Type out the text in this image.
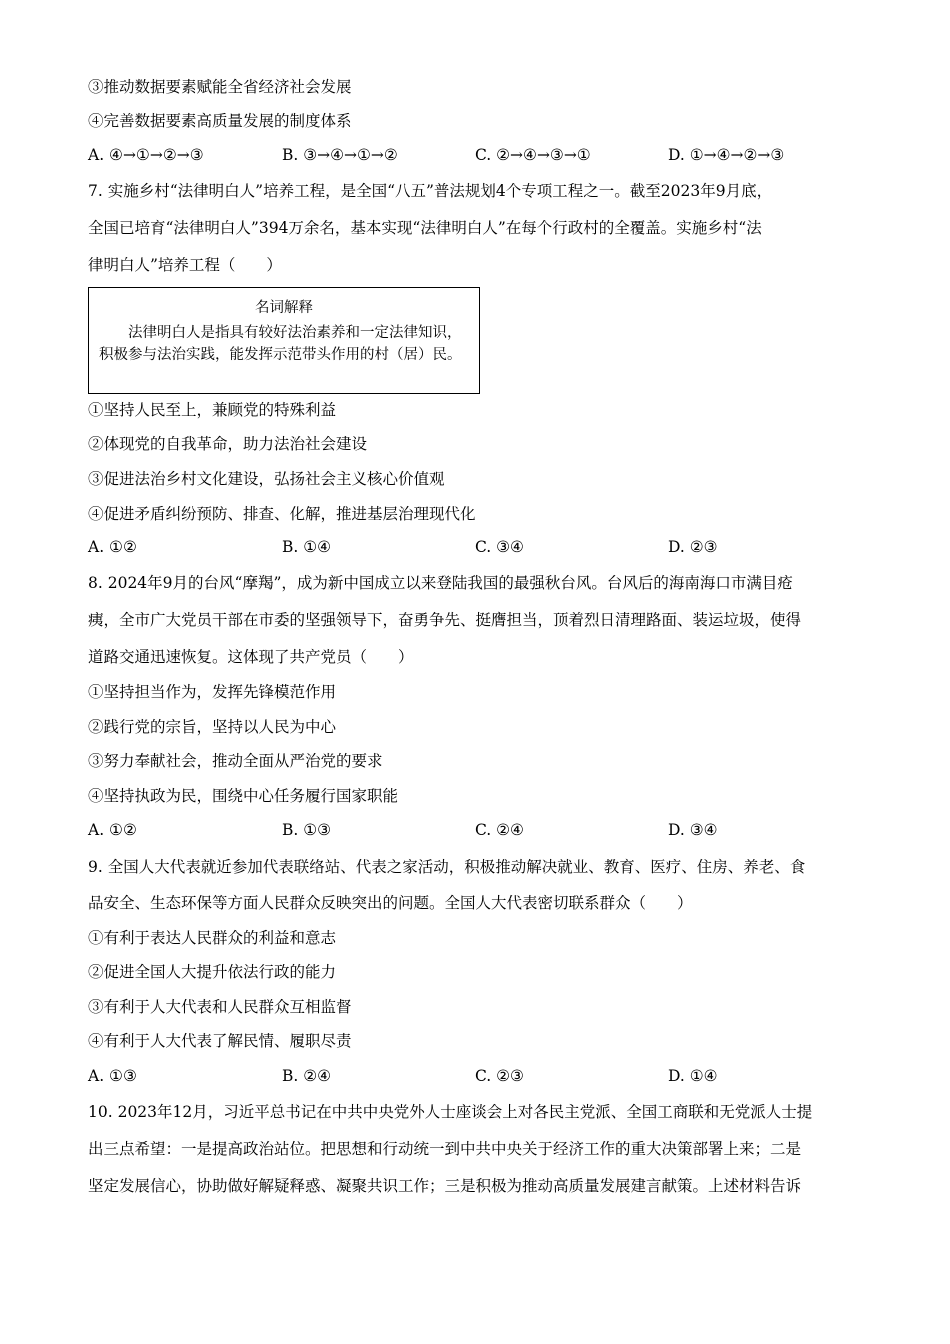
③推动数据要素赋能全省经济社会发展
④完善数据要素高质量发展的制度体系
A. ④→①→②→③	B. ③→④→①→②	C. ②→④→③→①	D. ①→④→②→③
7. 实施乡村“法律明白人”培养工程，是全国“八五”普法规划4个专项工程之一。截至2023年9月底，
全国已培育“法律明白人”394万余名，基本实现“法律明白人”在每个行政村的全覆盖。实施乡村“法
律明白人”培养工程（　　）
名词解释
法律明白人是指具有较好法治素养和一定法律知识，积极参与法治实践，能发挥示范带头作用的村（居）民。
①坚持人民至上，兼顾党的特殊利益
②体现党的自我革命，助力法治社会建设
③促进法治乡村文化建设，弘扬社会主义核心价值观
④促进矛盾纠纷预防、排查、化解，推进基层治理现代化
A. ①②	B. ①④	C. ③④	D. ②③
8. 2024年9月的台风“摩羯”，成为新中国成立以来登陆我国的最强秋台风。台风后的海南海口市满目疮
痍，全市广大党员干部在市委的坚强领导下，奋勇争先、挺膺担当，顶着烈日清理路面、装运垃圾，使得
道路交通迅速恢复。这体现了共产党员（　　）
①坚持担当作为，发挥先锋模范作用
②践行党的宗旨，坚持以人民为中心
③努力奉献社会，推动全面从严治党的要求
④坚持执政为民，围绕中心任务履行国家职能
A. ①②	B. ①③	C. ②④	D. ③④
9. 全国人大代表就近参加代表联络站、代表之家活动，积极推动解决就业、教育、医疗、住房、养老、食
品安全、生态环保等方面人民群众反映突出的问题。全国人大代表密切联系群众（　　）
①有利于表达人民群众的利益和意志
②促进全国人大提升依法行政的能力
③有利于人大代表和人民群众互相监督
④有利于人大代表了解民情、履职尽责
A. ①③	B. ②④	C. ②③	D. ①④
10. 2023年12月，习近平总书记在中共中央党外人士座谈会上对各民主党派、全国工商联和无党派人士提
出三点希望：一是提高政治站位。把思想和行动统一到中共中央关于经济工作的重大决策部署上来；二是
坚定发展信心，协助做好解疑释惑、凝聚共识工作；三是积极为推动高质量发展建言献策。上述材料告诉
